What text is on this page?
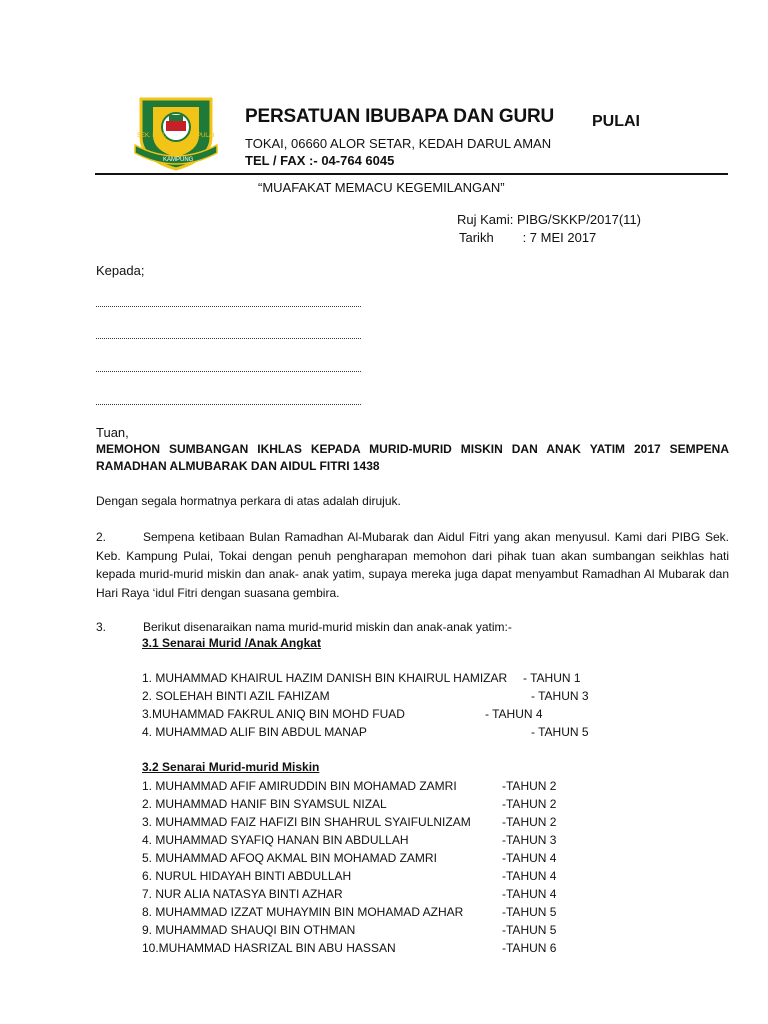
SEK. KEB.	PULAI
KAMPUNG
PERSATUAN IBUBAPA DAN GURU PULAI
TOKAI, 06660 ALOR SETAR, KEDAH DARUL AMAN
TEL / FAX :- 04-764 6045
“MUAFAKAT MEMACU KEGEMILANGAN”
Ruj Kami: PIBG/SKKP/2017(11)
Tarikh        : 7 MEI 2017
Kepada;
Tuan,
MEMOHON SUMBANGAN IKHLAS KEPADA MURID-MURID MISKIN DAN ANAK YATIM 2017 SEMPENA RAMADHAN ALMUBARAK DAN AIDUL FITRI 1438
Dengan segala hormatnya perkara di atas adalah dirujuk.
2.	Sempena ketibaan Bulan Ramadhan Al-Mubarak dan Aidul Fitri yang akan menyusul. Kami dari PIBG Sek. Keb. Kampung Pulai, Tokai dengan penuh pengharapan memohon dari pihak tuan akan sumbangan seikhlas hati kepada murid-murid miskin dan anak- anak yatim, supaya mereka juga dapat menyambut Ramadhan Al Mubarak dan Hari Raya ‘idul Fitri dengan suasana gembira.
3.	Berikut disenaraikan nama murid-murid miskin dan anak-anak yatim:-
3.1 Senarai Murid /Anak Angkat
1. MUHAMMAD KHAIRUL HAZIM DANISH BIN KHAIRUL HAMIZAR - TAHUN 1
2. SOLEHAH BINTI AZIL FAHIZAM	- TAHUN 3
3.MUHAMMAD FAKRUL ANIQ BIN MOHD FUAD	- TAHUN 4
4. MUHAMMAD ALIF BIN ABDUL MANAP	- TAHUN 5
3.2 Senarai Murid-murid Miskin
1. MUHAMMAD AFIF AMIRUDDIN BIN MOHAMAD ZAMRI	-TAHUN 2
2. MUHAMMAD HANIF BIN SYAMSUL NIZAL	-TAHUN 2
3. MUHAMMAD FAIZ HAFIZI BIN SHAHRUL SYAIFULNIZAM	-TAHUN 2
4. MUHAMMAD SYAFIQ HANAN BIN ABDULLAH	-TAHUN 3
5. MUHAMMAD AFOQ AKMAL BIN MOHAMAD ZAMRI	-TAHUN 4
6. NURUL HIDAYAH BINTI ABDULLAH	-TAHUN 4
7. NUR ALIA NATASYA BINTI AZHAR	-TAHUN 4
8. MUHAMMAD IZZAT MUHAYMIN BIN MOHAMAD AZHAR	-TAHUN 5
9. MUHAMMAD SHAUQI BIN OTHMAN	-TAHUN 5
10.MUHAMMAD HASRIZAL BIN ABU HASSAN	-TAHUN 6
